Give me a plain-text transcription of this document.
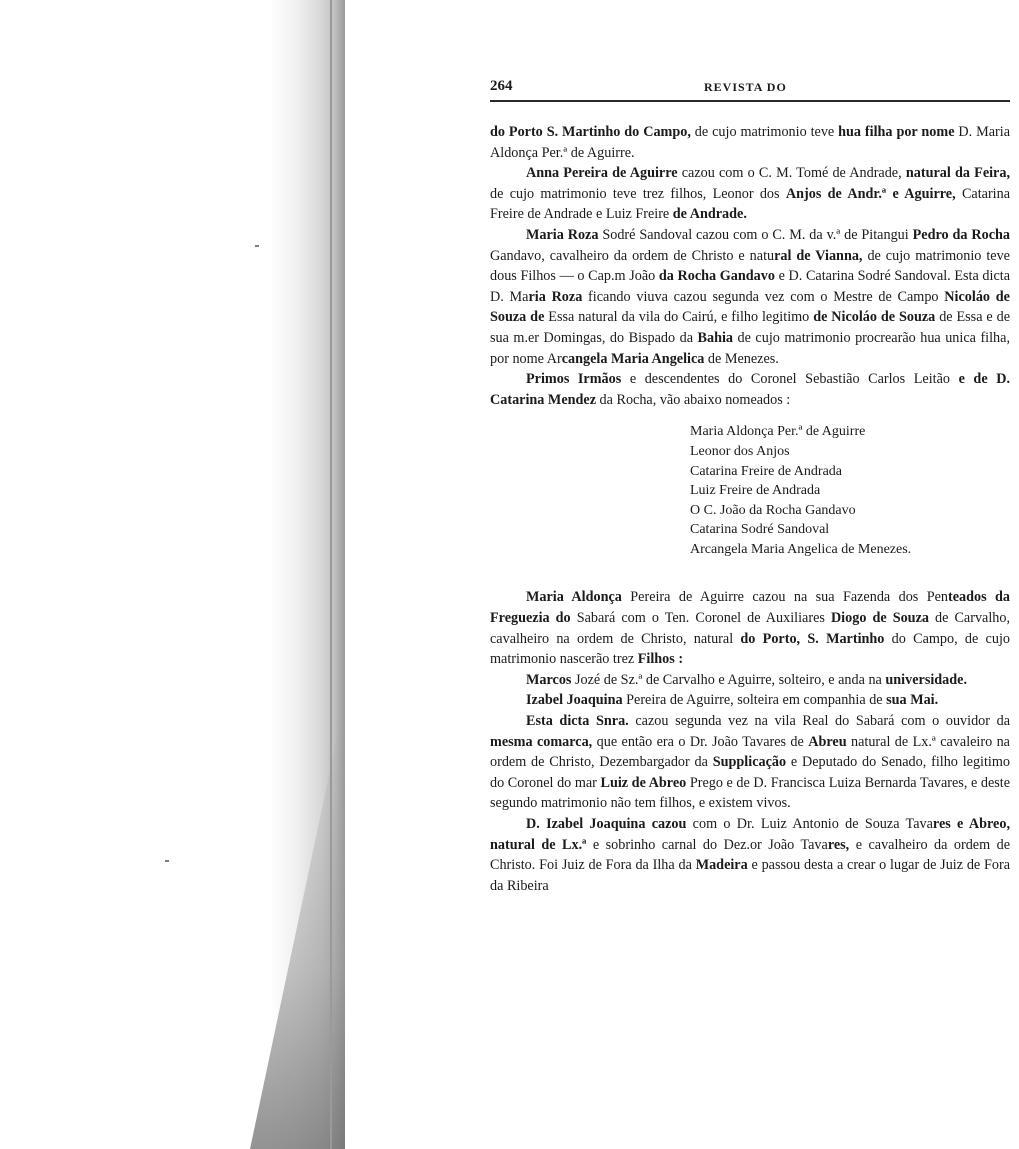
264	REVISTA DO

do Porto S. Martinho do Campo, de cujo matrimonio teve hua filha por nome D. Maria Aldonça Per.ª de Aguirre.

Anna Pereira de Aguirre cazou com o C. M. Tomé de Andrade, natural da Feira, de cujo matrimonio teve trez filhos, Leonor dos Anjos de Andr.ª e Aguirre, Catarina Freire de Andrade e Luiz Freire de Andrade.

Maria Roza Sodré Sandoval cazou com o C. M. da v.ª de Pitangui Pedro da Rocha Gandavo, cavalheiro da ordem de Christo e natural de Vianna, de cujo matrimonio teve dous Filhos — o Cap.m João da Rocha Gandavo e D. Catarina Sodré Sandoval. Esta dicta D. Maria Roza ficando viuva cazou segunda vez com o Mestre de Campo Nicoláo de Souza de Essa natural da vila do Cairú, e filho legitimo de Nicoláo de Souza de Essa e de sua m.er Domingas, do Bispado da Bahia de cujo matrimonio procrearão hua unica filha, por nome Arcangela Maria Angelica de Menezes.

Primos Irmãos e descendentes do Coronel Sebastião Carlos Leitão e de D. Catarina Mendez da Rocha, vão abaixo nomeados :

Maria Aldonça Per.ª de Aguirre
Leonor dos Anjos
Catarina Freire de Andrada
Luiz Freire de Andrada
O C. João da Rocha Gandavo
Catarina Sodré Sandoval
Arcangela Maria Angelica de Menezes.

Maria Aldonça Pereira de Aguirre cazou na sua Fazenda dos Penteados da Freguezia do Sabará com o Ten. Coronel de Auxiliares Diogo de Souza de Carvalho, cavalheiro na ordem de Christo, natural do Porto, S. Martinho do Campo, de cujo matrimonio nascerão trez Filhos :

Marcos Jozé de Sz.ª de Carvalho e Aguirre, solteiro, e anda na universidade.

Izabel Joaquina Pereira de Aguirre, solteira em companhia de sua Mai.

Esta dicta Snra. cazou segunda vez na vila Real do Sabará com o ouvidor da mesma comarca, que então era o Dr. João Tavares de Abreu natural de Lx.ª cavaleiro na ordem de Christo, Dezembargador da Supplicação e Deputado do Senado, filho legitimo do Coronel do mar Luiz de Abreo Prego e de D. Francisca Luiza Bernarda Tavares, e deste segundo matrimonio não tem filhos, e existem vivos.

D. Izabel Joaquina cazou com o Dr. Luiz Antonio de Souza Tavares e Abreo, natural de Lx.ª e sobrinho carnal do Dez.or João Tavares, e cavalheiro da ordem de Christo. Foi Juiz de Fora da Ilha da Madeira e passou desta a crear o lugar de Juiz de Fora da Ribeira
